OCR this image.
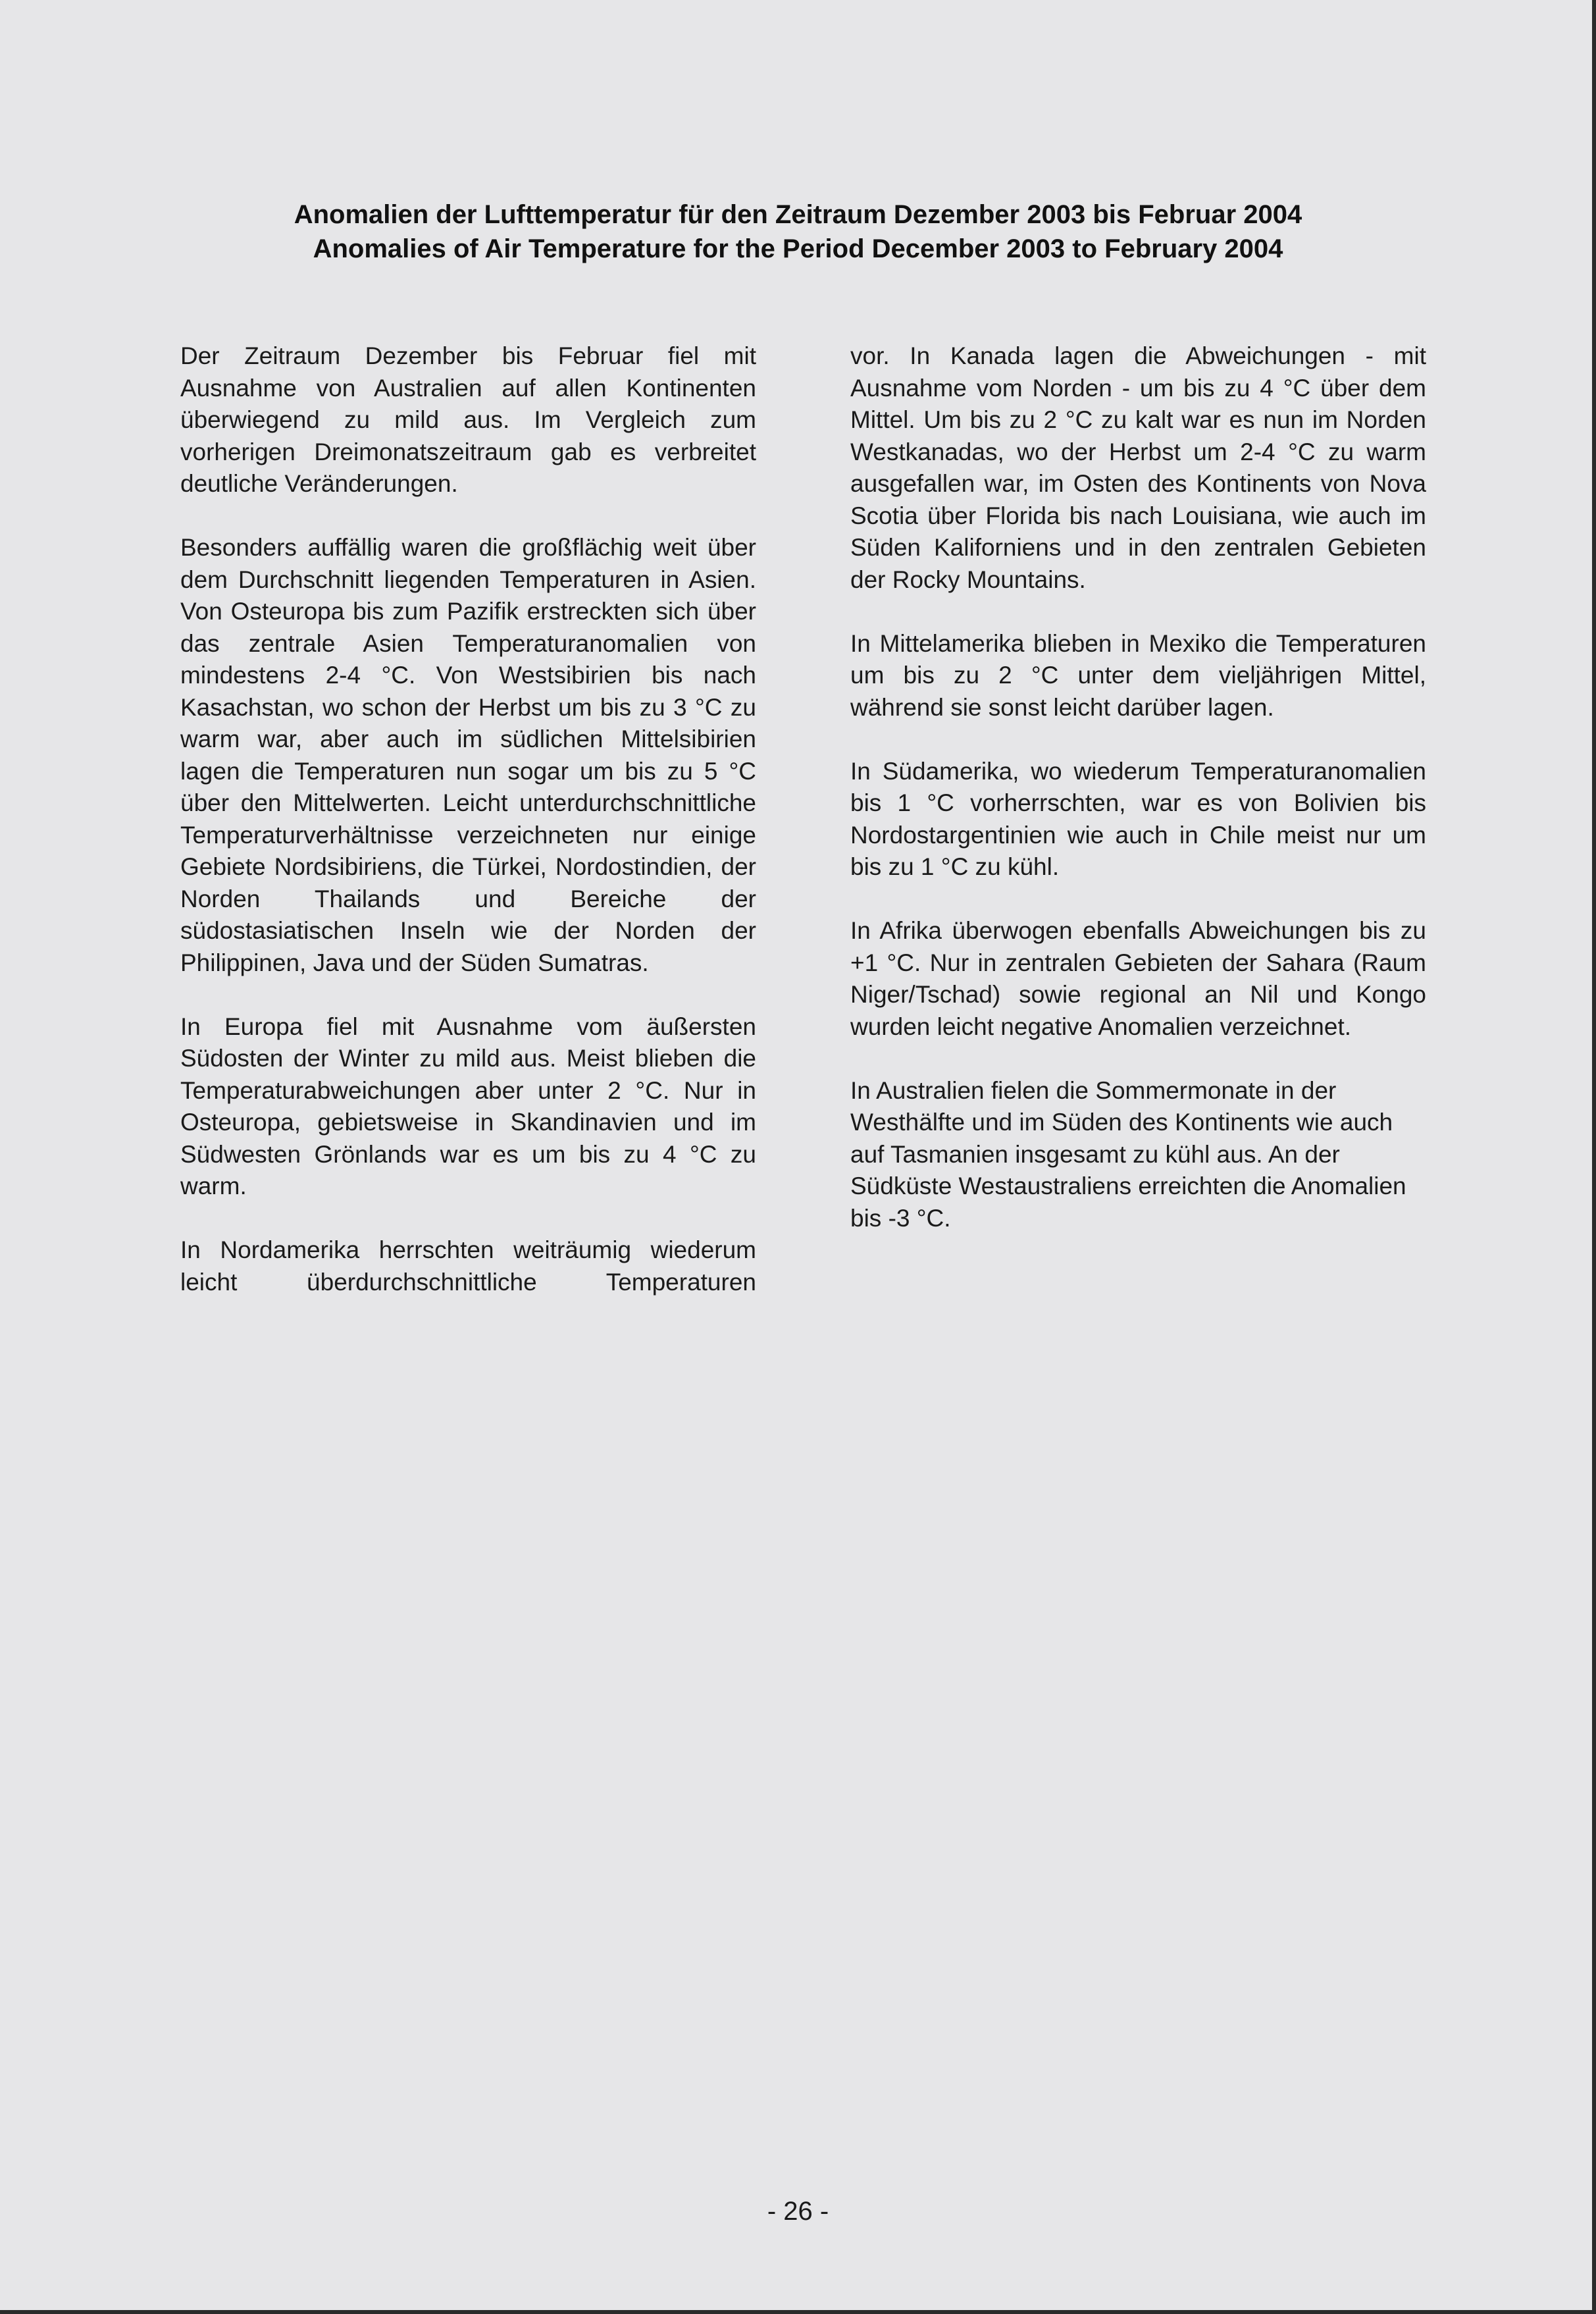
Anomalien der Lufttemperatur für den Zeitraum Dezember 2003 bis Februar 2004

Anomalies of Air Temperature for the Period December 2003 to February 2004

Der Zeitraum Dezember bis Februar fiel mit Ausnahme von Australien auf allen Kontinenten überwiegend zu mild aus. Im Vergleich zum vorherigen Dreimonatszeitraum gab es verbreitet deutliche Veränderungen.

Besonders auffällig waren die großflächig weit über dem Durchschnitt liegenden Temperaturen in Asien. Von Osteuropa bis zum Pazifik erstreckten sich über das zentrale Asien Temperaturanomalien von mindestens 2-4 °C. Von Westsibirien bis nach Kasachstan, wo schon der Herbst um bis zu 3 °C zu warm war, aber auch im südlichen Mittelsibirien lagen die Temperaturen nun sogar um bis zu 5 °C über den Mittelwerten. Leicht unterdurchschnittliche Temperaturverhältnisse verzeichneten nur einige Gebiete Nordsibiriens, die Türkei, Nordostindien, der Norden Thailands und Bereiche der südostasiatischen Inseln wie der Norden der Philippinen, Java und der Süden Sumatras.

In Europa fiel mit Ausnahme vom äußersten Südosten der Winter zu mild aus. Meist blieben die Temperaturabweichungen aber unter 2 °C. Nur in Osteuropa, gebietsweise in Skandinavien und im Südwesten Grönlands war es um bis zu 4 °C zu warm.

In Nordamerika herrschten weiträumig wiederum leicht überdurchschnittliche Temperaturen

vor. In Kanada lagen die Abweichungen - mit Ausnahme vom Norden - um bis zu 4 °C über dem Mittel. Um bis zu 2 °C zu kalt war es nun im Norden Westkanadas, wo der Herbst um 2-4 °C zu warm ausgefallen war, im Osten des Kontinents von Nova Scotia über Florida bis nach Louisiana, wie auch im Süden Kaliforniens und in den zentralen Gebieten der Rocky Mountains.

In Mittelamerika blieben in Mexiko die Temperaturen um bis zu 2 °C unter dem vieljährigen Mittel, während sie sonst leicht darüber lagen.

In Südamerika, wo wiederum Temperaturanomalien bis 1 °C vorherrschten, war es von Bolivien bis Nordostargentinien wie auch in Chile meist nur um bis zu 1 °C zu kühl.

In Afrika überwogen ebenfalls Abweichungen bis zu +1 °C. Nur in zentralen Gebieten der Sahara (Raum Niger/Tschad) sowie regional an Nil und Kongo wurden leicht negative Anomalien verzeichnet.

In Australien fielen die Sommermonate in der Westhälfte und im Süden des Kontinents wie auch auf Tasmanien insgesamt zu kühl aus. An der Südküste Westaustraliens erreichten die Anomalien bis -3 °C.

- 26 -
